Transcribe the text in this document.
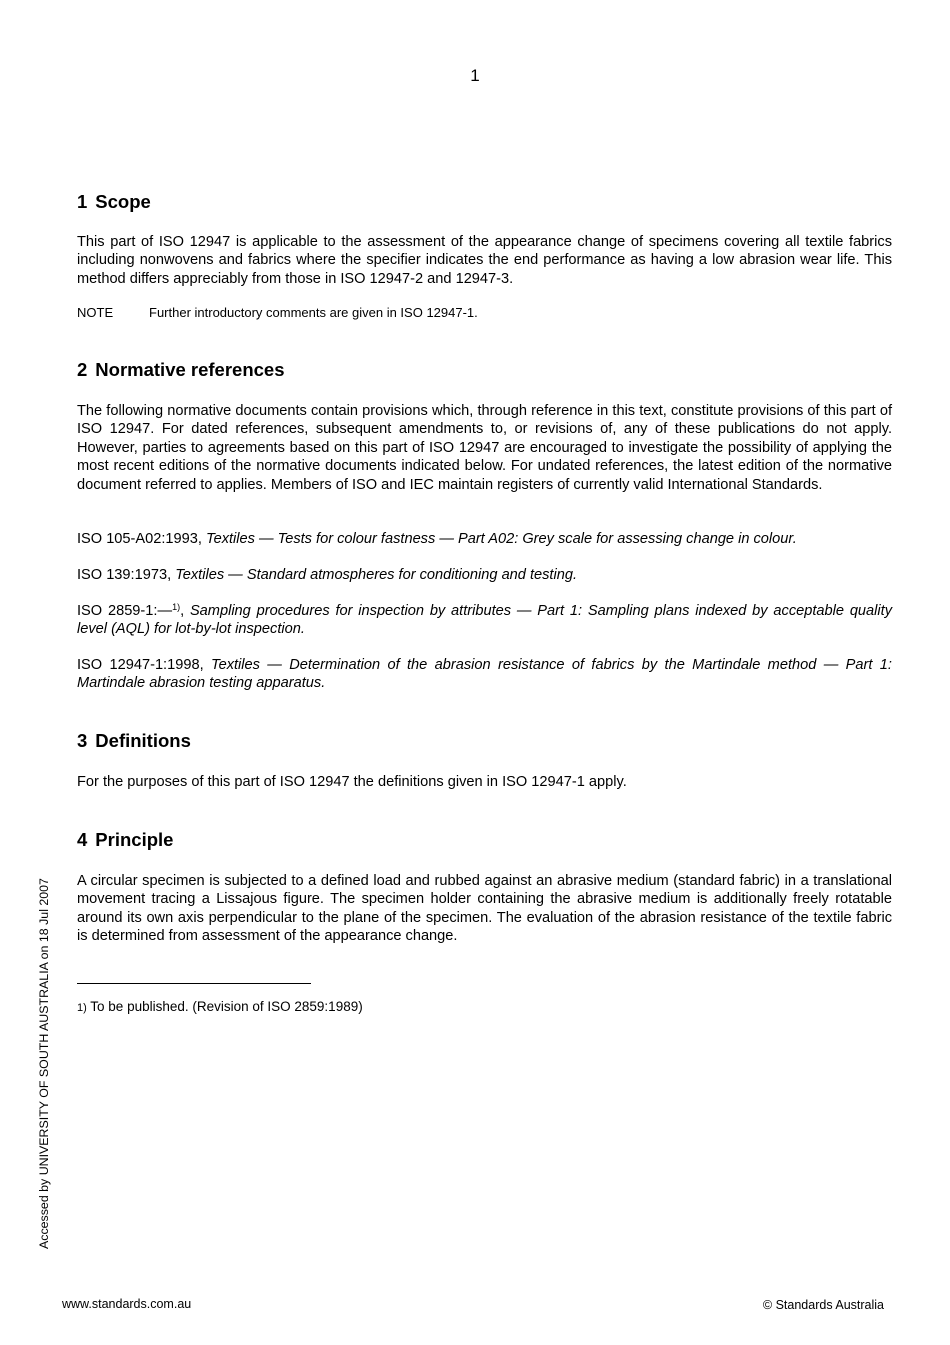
1
1 Scope
This part of ISO 12947 is applicable to the assessment of the appearance change of specimens covering all textile fabrics including nonwovens and fabrics where the specifier indicates the end performance as having a low abrasion wear life. This method differs appreciably from those in ISO 12947-2 and 12947-3.
NOTE	Further introductory comments are given in ISO 12947-1.
2 Normative references
The following normative documents contain provisions which, through reference in this text, constitute provisions of this part of ISO 12947. For dated references, subsequent amendments to, or revisions of, any of these publications do not apply. However, parties to agreements based on this part of ISO 12947 are encouraged to investigate the possibility of applying the most recent editions of the normative documents indicated below. For undated references, the latest edition of the normative document referred to applies. Members of ISO and IEC maintain registers of currently valid International Standards.
ISO 105-A02:1993, Textiles — Tests for colour fastness — Part A02: Grey scale for assessing change in colour.
ISO 139:1973, Textiles — Standard atmospheres for conditioning and testing.
ISO 2859-1:—$^{1)}$, Sampling procedures for inspection by attributes — Part 1: Sampling plans indexed by acceptable quality level (AQL) for lot-by-lot inspection.
ISO 12947-1:1998, Textiles — Determination of the abrasion resistance of fabrics by the Martindale method — Part 1: Martindale abrasion testing apparatus.
3 Definitions
For the purposes of this part of ISO 12947 the definitions given in ISO 12947-1 apply.
4 Principle
A circular specimen is subjected to a defined load and rubbed against an abrasive medium (standard fabric) in a translational movement tracing a Lissajous figure. The specimen holder containing the abrasive medium is additionally freely rotatable around its own axis perpendicular to the plane of the specimen. The evaluation of the abrasion resistance of the textile fabric is determined from assessment of the appearance change.
1) To be published. (Revision of ISO 2859:1989)
Accessed by UNIVERSITY OF SOUTH AUSTRALIA on 18 Jul 2007
www.standards.com.au	© Standards Australia
